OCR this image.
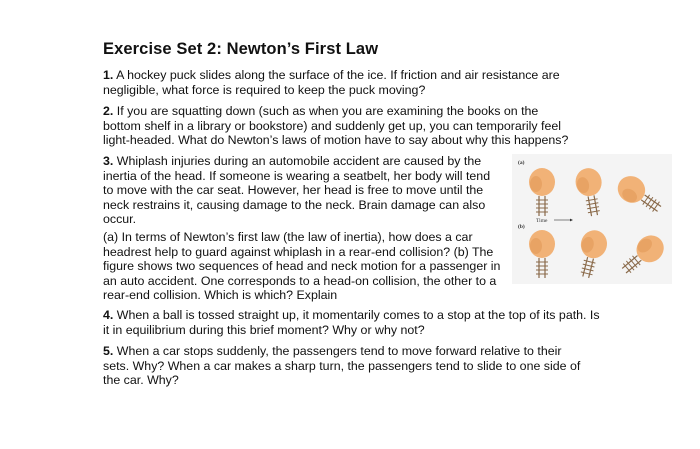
Exercise Set 2: Newton’s First Law
1. A hockey puck slides along the surface of the ice. If friction and air resistance are negligible, what force is required to keep the puck moving?
2. If you are squatting down (such as when you are examining the books on the bottom shelf in a library or bookstore) and suddenly get up, you can temporarily feel light-headed. What do Newton’s laws of motion have to say about why this happens?
3. Whiplash injuries during an automobile accident are caused by the inertia of the head. If someone is wearing a seatbelt, her body will tend to move with the car seat. However, her head is free to move until the neck restrains it, causing damage to the neck. Brain damage can also occur.
(a) In terms of Newton’s first law (the law of inertia), how does a car headrest help to guard against whiplash in a rear-end collision? (b) The figure shows two sequences of head and neck motion for a passenger in an auto accident. One corresponds to a head-on collision, the other to a rear-end collision. Which is which? Explain
4. When a ball is tossed straight up, it momentarily comes to a stop at the top of its path. Is it in equilibrium during this brief moment? Why or why not?
5. When a car stops suddenly, the passengers tend to move forward relative to their sets. Why? When a car makes a sharp turn, the passengers tend to slide to one side of the car. Why?
(a)
(b)
Time
